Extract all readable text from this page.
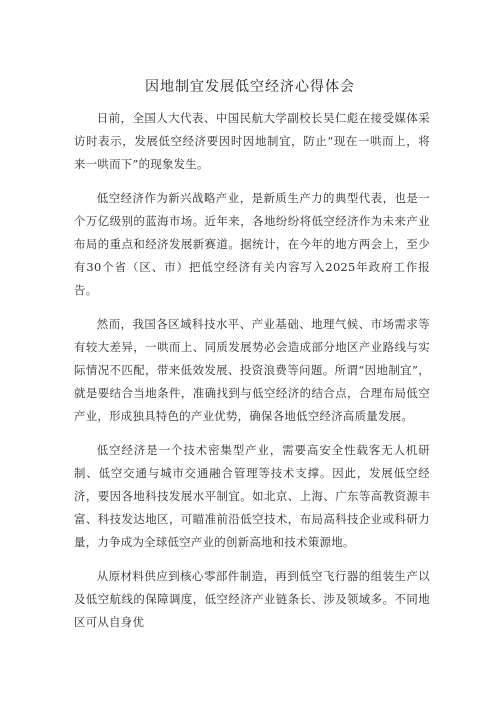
因地制宜发展低空经济心得体会

日前，全国人大代表、中国民航大学副校长吴仁彪在接受媒体采访时表示，发展低空经济要因时因地制宜，防止“现在一哄而上，将来一哄而下”的现象发生。

低空经济作为新兴战略产业，是新质生产力的典型代表，也是一个万亿级别的蓝海市场。近年来，各地纷纷将低空经济作为未来产业布局的重点和经济发展新赛道。据统计，在今年的地方两会上，至少有30个省（区、市）把低空经济有关内容写入2025年政府工作报告。

然而，我国各区域科技水平、产业基础、地理气候、市场需求等有较大差异，一哄而上、同质发展势必会造成部分地区产业路线与实际情况不匹配，带来低效发展、投资浪费等问题。所谓“因地制宜”，就是要结合当地条件，准确找到与低空经济的结合点，合理布局低空产业，形成独具特色的产业优势，确保各地低空经济高质量发展。

低空经济是一个技术密集型产业，需要高安全性载客无人机研制、低空交通与城市交通融合管理等技术支撑。因此，发展低空经济，要因各地科技发展水平制宜。如北京、上海、广东等高教资源丰富、科技发达地区，可瞄准前沿低空技术，布局高科技企业或科研力量，力争成为全球低空产业的创新高地和技术策源地。

从原材料供应到核心零部件制造，再到低空飞行器的组装生产以及低空航线的保障调度，低空经济产业链条长、涉及领域多。不同地区可从自身优
